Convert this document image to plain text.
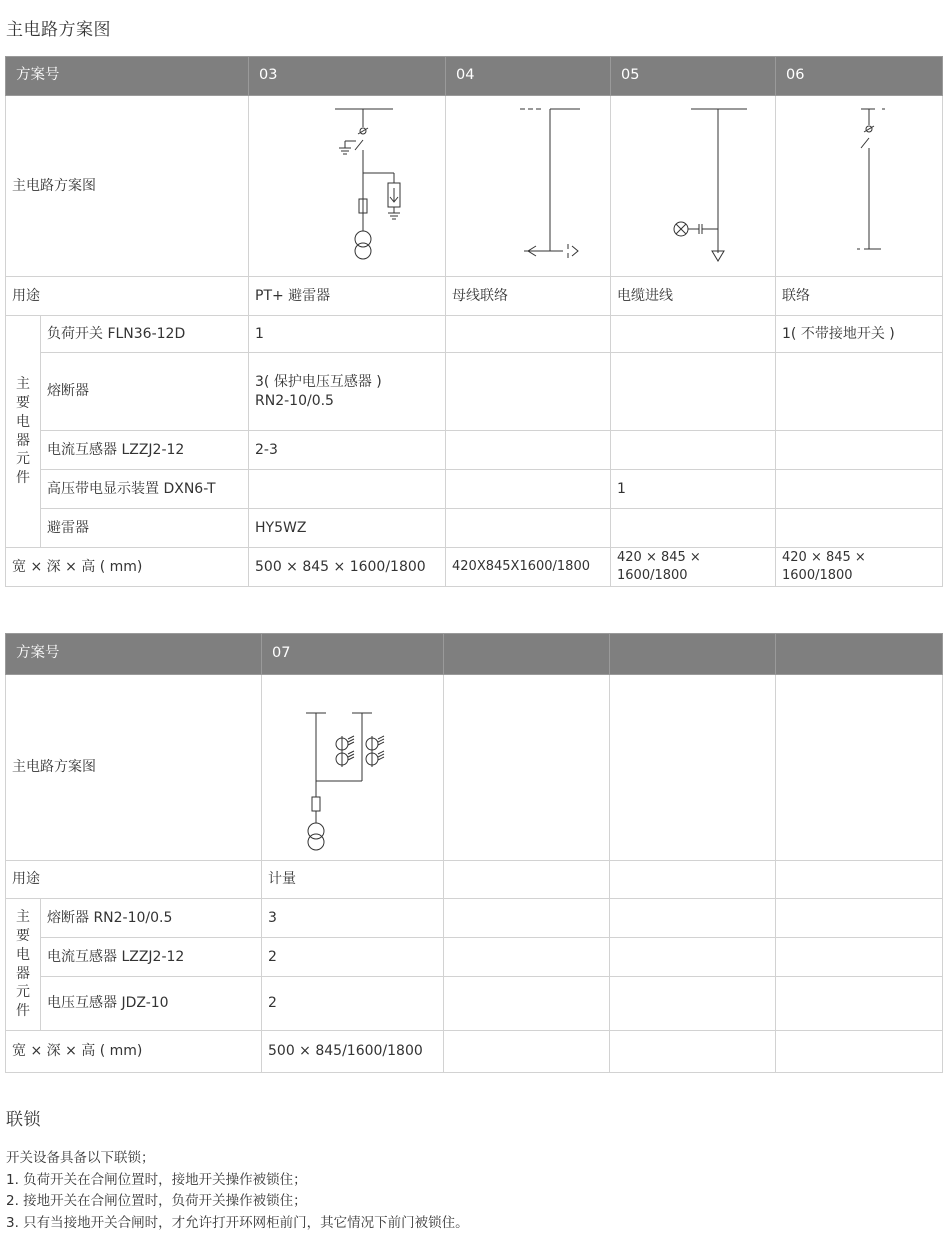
主电路方案图
方案号		03	04	05	06
主电路方案图	

用途		PT+ 避雷器	母线联络	电缆进线	联络

主要电器元件	负荷开关 FLN36-12D	1			1( 不带接地开关 )
	熔断器	3( 保护电压互感器 )
RN2-10/0.5			

	电流互感器 LZZJ2-12	2-3			
	高压带电显示装置 DXN6-T			1	
	避雷器	HY5WZ			
宽 × 深 × 高 ( mm)		500 × 845 × 1600/1800	420X845X1600/1800	420 × 845 × 1600/1800	420 × 845 × 1600/1800
方案号		07			
主电路方案图	

用途		计量			

主要电器元件	熔断器 RN2-10/0.5	3			
	电流互感器 LZZJ2-12	2			
	电压互感器 JDZ-10	2			
宽 × 深 × 高 ( mm)		500 × 845/1600/1800			
联锁
开关设备具备以下联锁；
1. 负荷开关在合闸位置时，接地开关操作被锁住；
2. 接地开关在合闸位置时，负荷开关操作被锁住；
3. 只有当接地开关合闸时，才允许打开环网柜前门，其它情况下前门被锁住。
